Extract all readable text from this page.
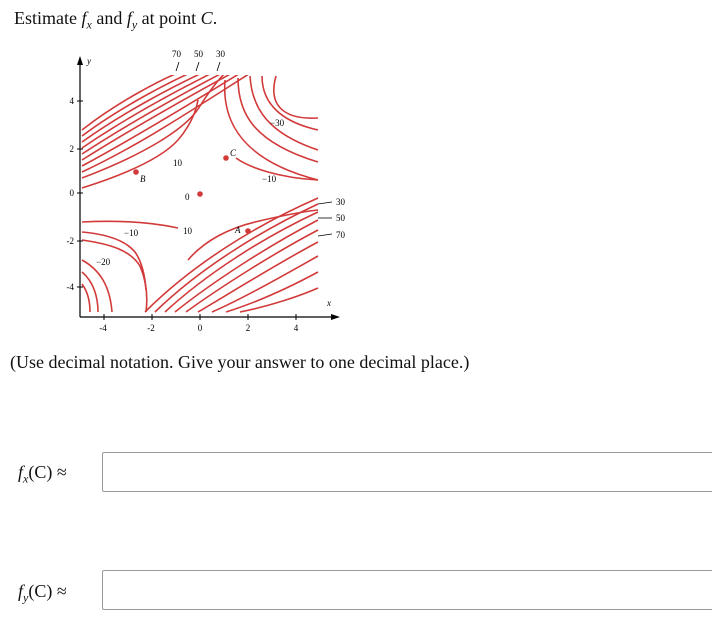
Estimate $f_x$ and $f_y$ at point C.
y
x
-4	-2	0	2	4
4
2
0
-2
-4
70 50 30
30
50
70
10
10
−10
−10
−20
−30
0
B
C
A
(Use decimal notation. Give your answer to one decimal place.)
$f_x(C)$ ≈
$f_y(C)$ ≈
